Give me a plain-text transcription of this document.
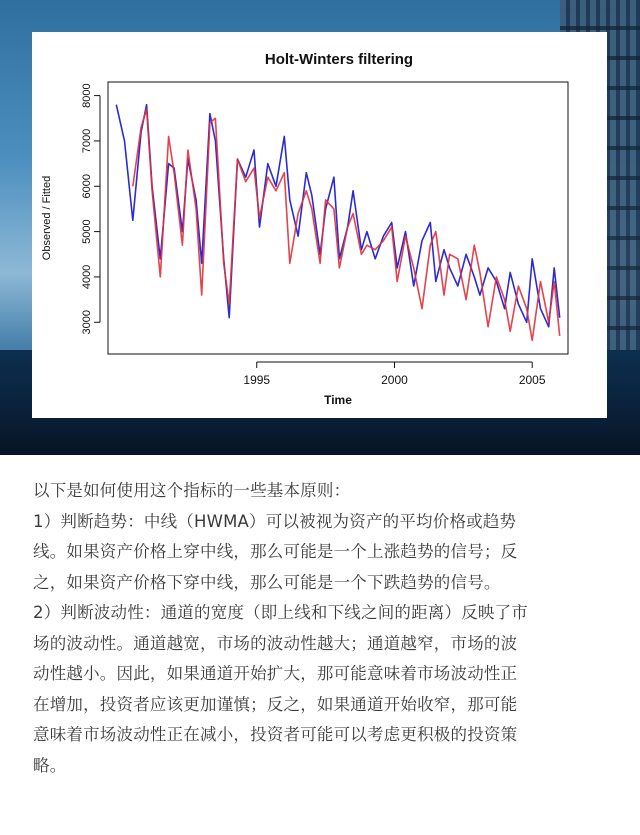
Holt-Winters filtering
3000
4000
5000
6000
7000
8000
1995	2000	2005
Observed / Fitted
Time

以下是如何使用这个指标的一些基本原则：

1）判断趋势：中线（HWMA）可以被视为资产的平均价格或趋势

线。如果资产价格上穿中线，那么可能是一个上涨趋势的信号；反

之，如果资产价格下穿中线，那么可能是一个下跌趋势的信号。

2）判断波动性：通道的宽度（即上线和下线之间的距离）反映了市

场的波动性。通道越宽，市场的波动性越大；通道越窄，市场的波

动性越小。因此，如果通道开始扩大，那可能意味着市场波动性正

在增加，投资者应该更加谨慎；反之，如果通道开始收窄，那可能

意味着市场波动性正在减小，投资者可能可以考虑更积极的投资策

略。
